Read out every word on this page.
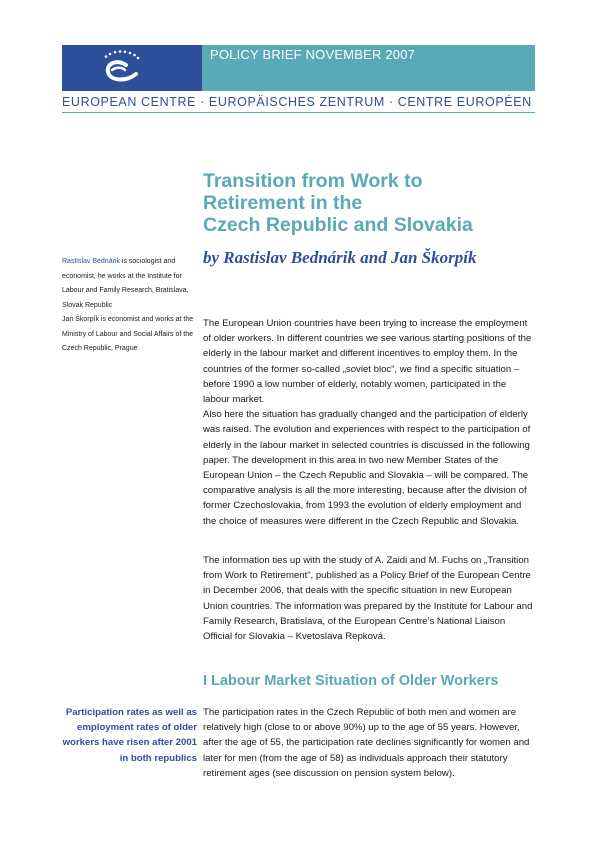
POLICY BRIEF NOVEMBER 2007
EUROPEAN CENTRE · EUROPÄISCHES ZENTRUM · CENTRE EUROPÉEN
Transition from Work to
Retirement in the
Czech Republic and Slovakia
by Rastislav Bednárik and Jan Škorpík
Rastislav Bednárik is sociologist and economist, he works at the Institute for Labour and Family Research, Bratislava, Slovak Republic
Jan Škorpík is economist and works at the Ministry of Labour and Social Affairs of the Czech Republic, Prague
The European Union countries have been trying to increase the employment of older workers. In different countries we see various starting positions of the elderly in the labour market and different incentives to employ them. In the countries of the former so-called „soviet bloc“, we find a specific situation – before 1990 a low number of elderly, notably women, participated in the labour market.
Also here the situation has gradually changed and the participation of elderly was raised. The evolution and experiences with respect to the participation of elderly in the labour market in selected countries is discussed in the following paper. The development in this area in two new Member States of the European Union – the Czech Republic and Slovakia – will be compared. The comparative analysis is all the more interesting, because after the division of former Czechoslovakia, from 1993 the evolution of elderly employment and the choice of measures were different in the Czech Republic and Slovakia.
The information ties up with the study of A. Zaidi and M. Fuchs on „Transition from Work to Retirement“, published as a Policy Brief of the European Centre in December 2006, that deals with the specific situation in new European Union countries. The information was prepared by the Institute for Labour and Family Research, Bratislava, of the European Centre’s National Liaison Official for Slovakia – Kvetoslava Repková.
I Labour Market Situation of Older Workers
Participation rates as well as employment rates of older workers have risen after 2001 in both republics
The participation rates in the Czech Republic of both men and women are relatively high (close to or above 90%) up to the age of 55 years. However, after the age of 55, the participation rate declines significantly for women and later for men (from the age of 58) as individuals approach their statutory retirement ages (see discussion on pension system below).
